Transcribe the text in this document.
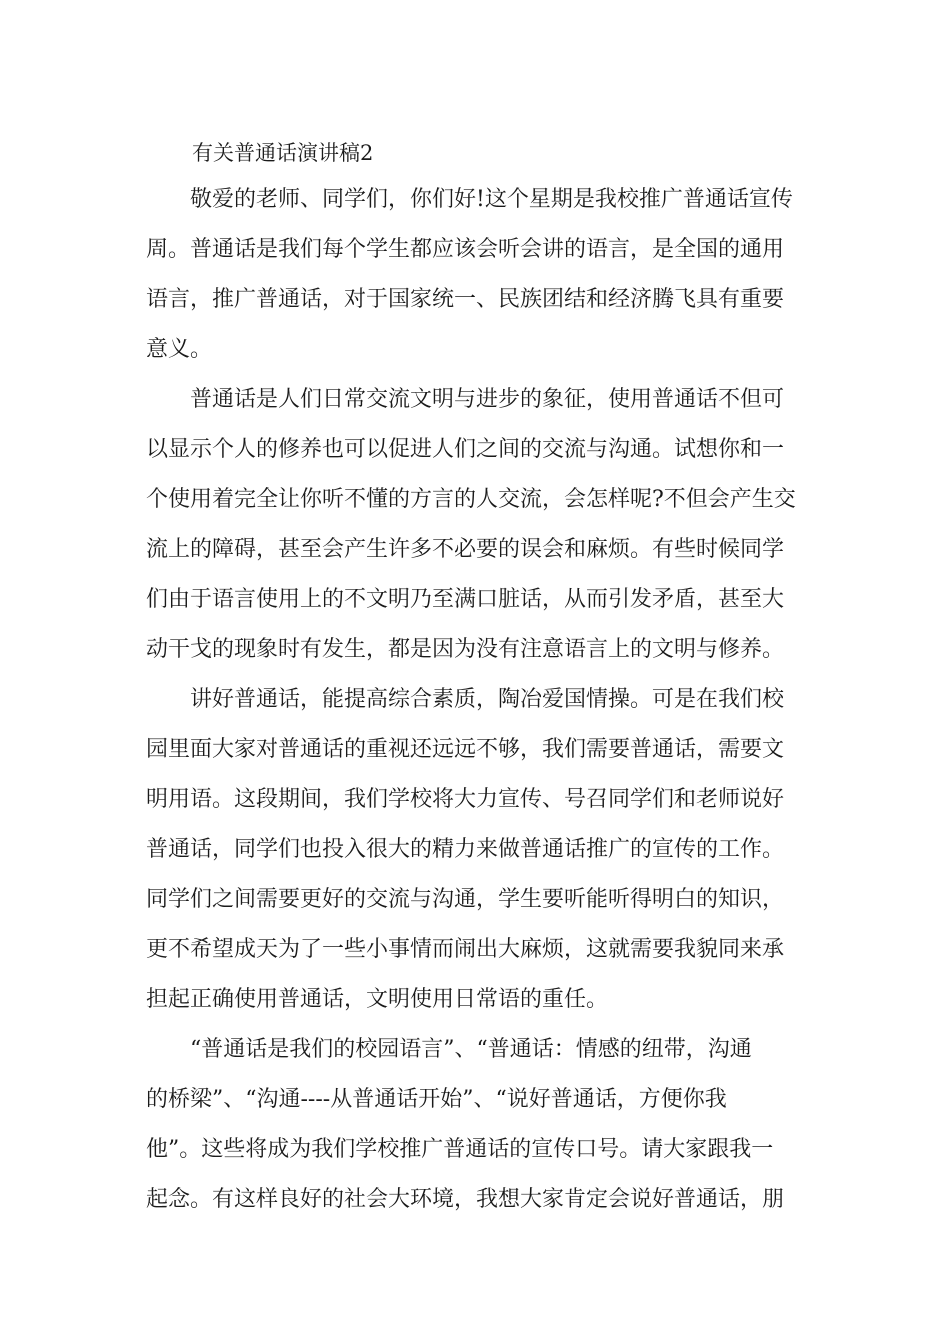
有关普通话演讲稿2
　　敬爱的老师、同学们，你们好!这个星期是我校推广普通话宣传
周。普通话是我们每个学生都应该会听会讲的语言，是全国的通用
语言，推广普通话，对于国家统一、民族团结和经济腾飞具有重要
意义。
　　普通话是人们日常交流文明与进步的象征，使用普通话不但可
以显示个人的修养也可以促进人们之间的交流与沟通。试想你和一
个使用着完全让你听不懂的方言的人交流，会怎样呢?不但会产生交
流上的障碍，甚至会产生许多不必要的误会和麻烦。有些时候同学
们由于语言使用上的不文明乃至满口脏话，从而引发矛盾，甚至大
动干戈的现象时有发生，都是因为没有注意语言上的文明与修养。
　　讲好普通话，能提高综合素质，陶冶爱国情操。可是在我们校
园里面大家对普通话的重视还远远不够，我们需要普通话，需要文
明用语。这段期间，我们学校将大力宣传、号召同学们和老师说好
普通话，同学们也投入很大的精力来做普通话推广的宣传的工作。
同学们之间需要更好的交流与沟通，学生要听能听得明白的知识，
更不希望成天为了一些小事情而闹出大麻烦，这就需要我貌同来承
担起正确使用普通话，文明使用日常语的重任。
　　“普通话是我们的校园语言”、“普通话：情感的纽带，沟通
的桥梁”、“沟通----从普通话开始”、“说好普通话，方便你我
他”。这些将成为我们学校推广普通话的宣传口号。请大家跟我一
起念。有这样良好的社会大环境，我想大家肯定会说好普通话，朋
